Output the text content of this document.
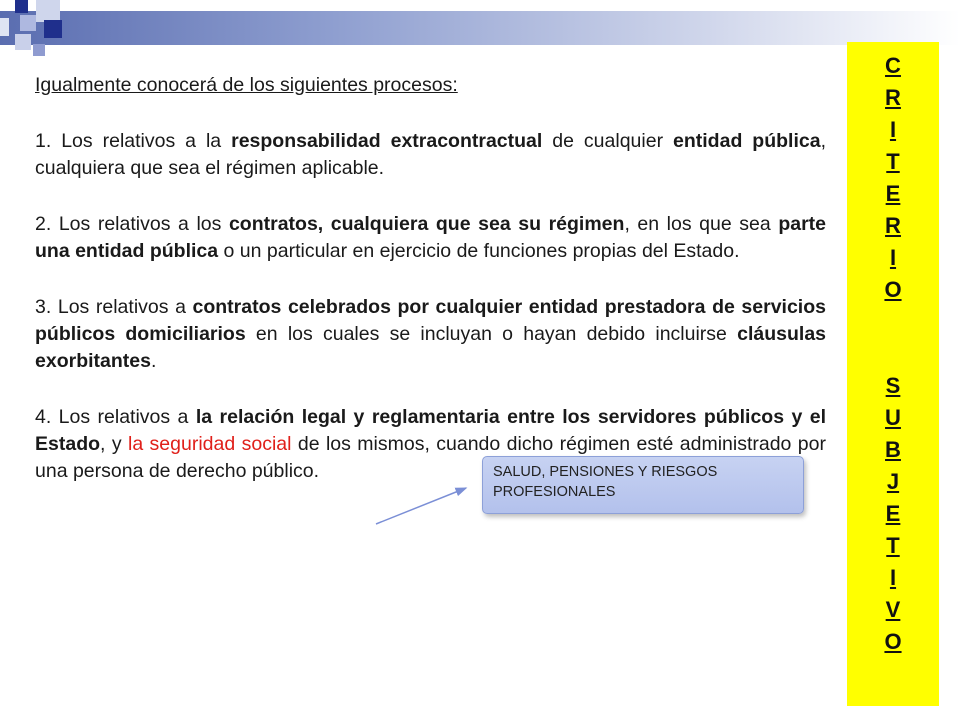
Igualmente conocerá de los siguientes procesos:

1. Los relativos a la responsabilidad extracontractual de cualquier entidad pública, cualquiera que sea el régimen aplicable.

2. Los relativos a los contratos, cualquiera que sea su régimen, en los que sea parte una entidad pública o un particular en ejercicio de funciones propias del Estado.

3. Los relativos a contratos celebrados por cualquier entidad prestadora de servicios públicos domiciliarios en los cuales se incluyan o hayan debido incluirse cláusulas exorbitantes.

4. Los relativos a la relación legal y reglamentaria entre los servidores públicos y el Estado, y la seguridad social de los mismos, cuando dicho régimen esté administrado por una persona de derecho público.	SALUD, PENSIONES Y RIESGOS PROFESIONALES
C
R
I
T
E
R
I
O
S
U
B
J
E
T
I
V
O
